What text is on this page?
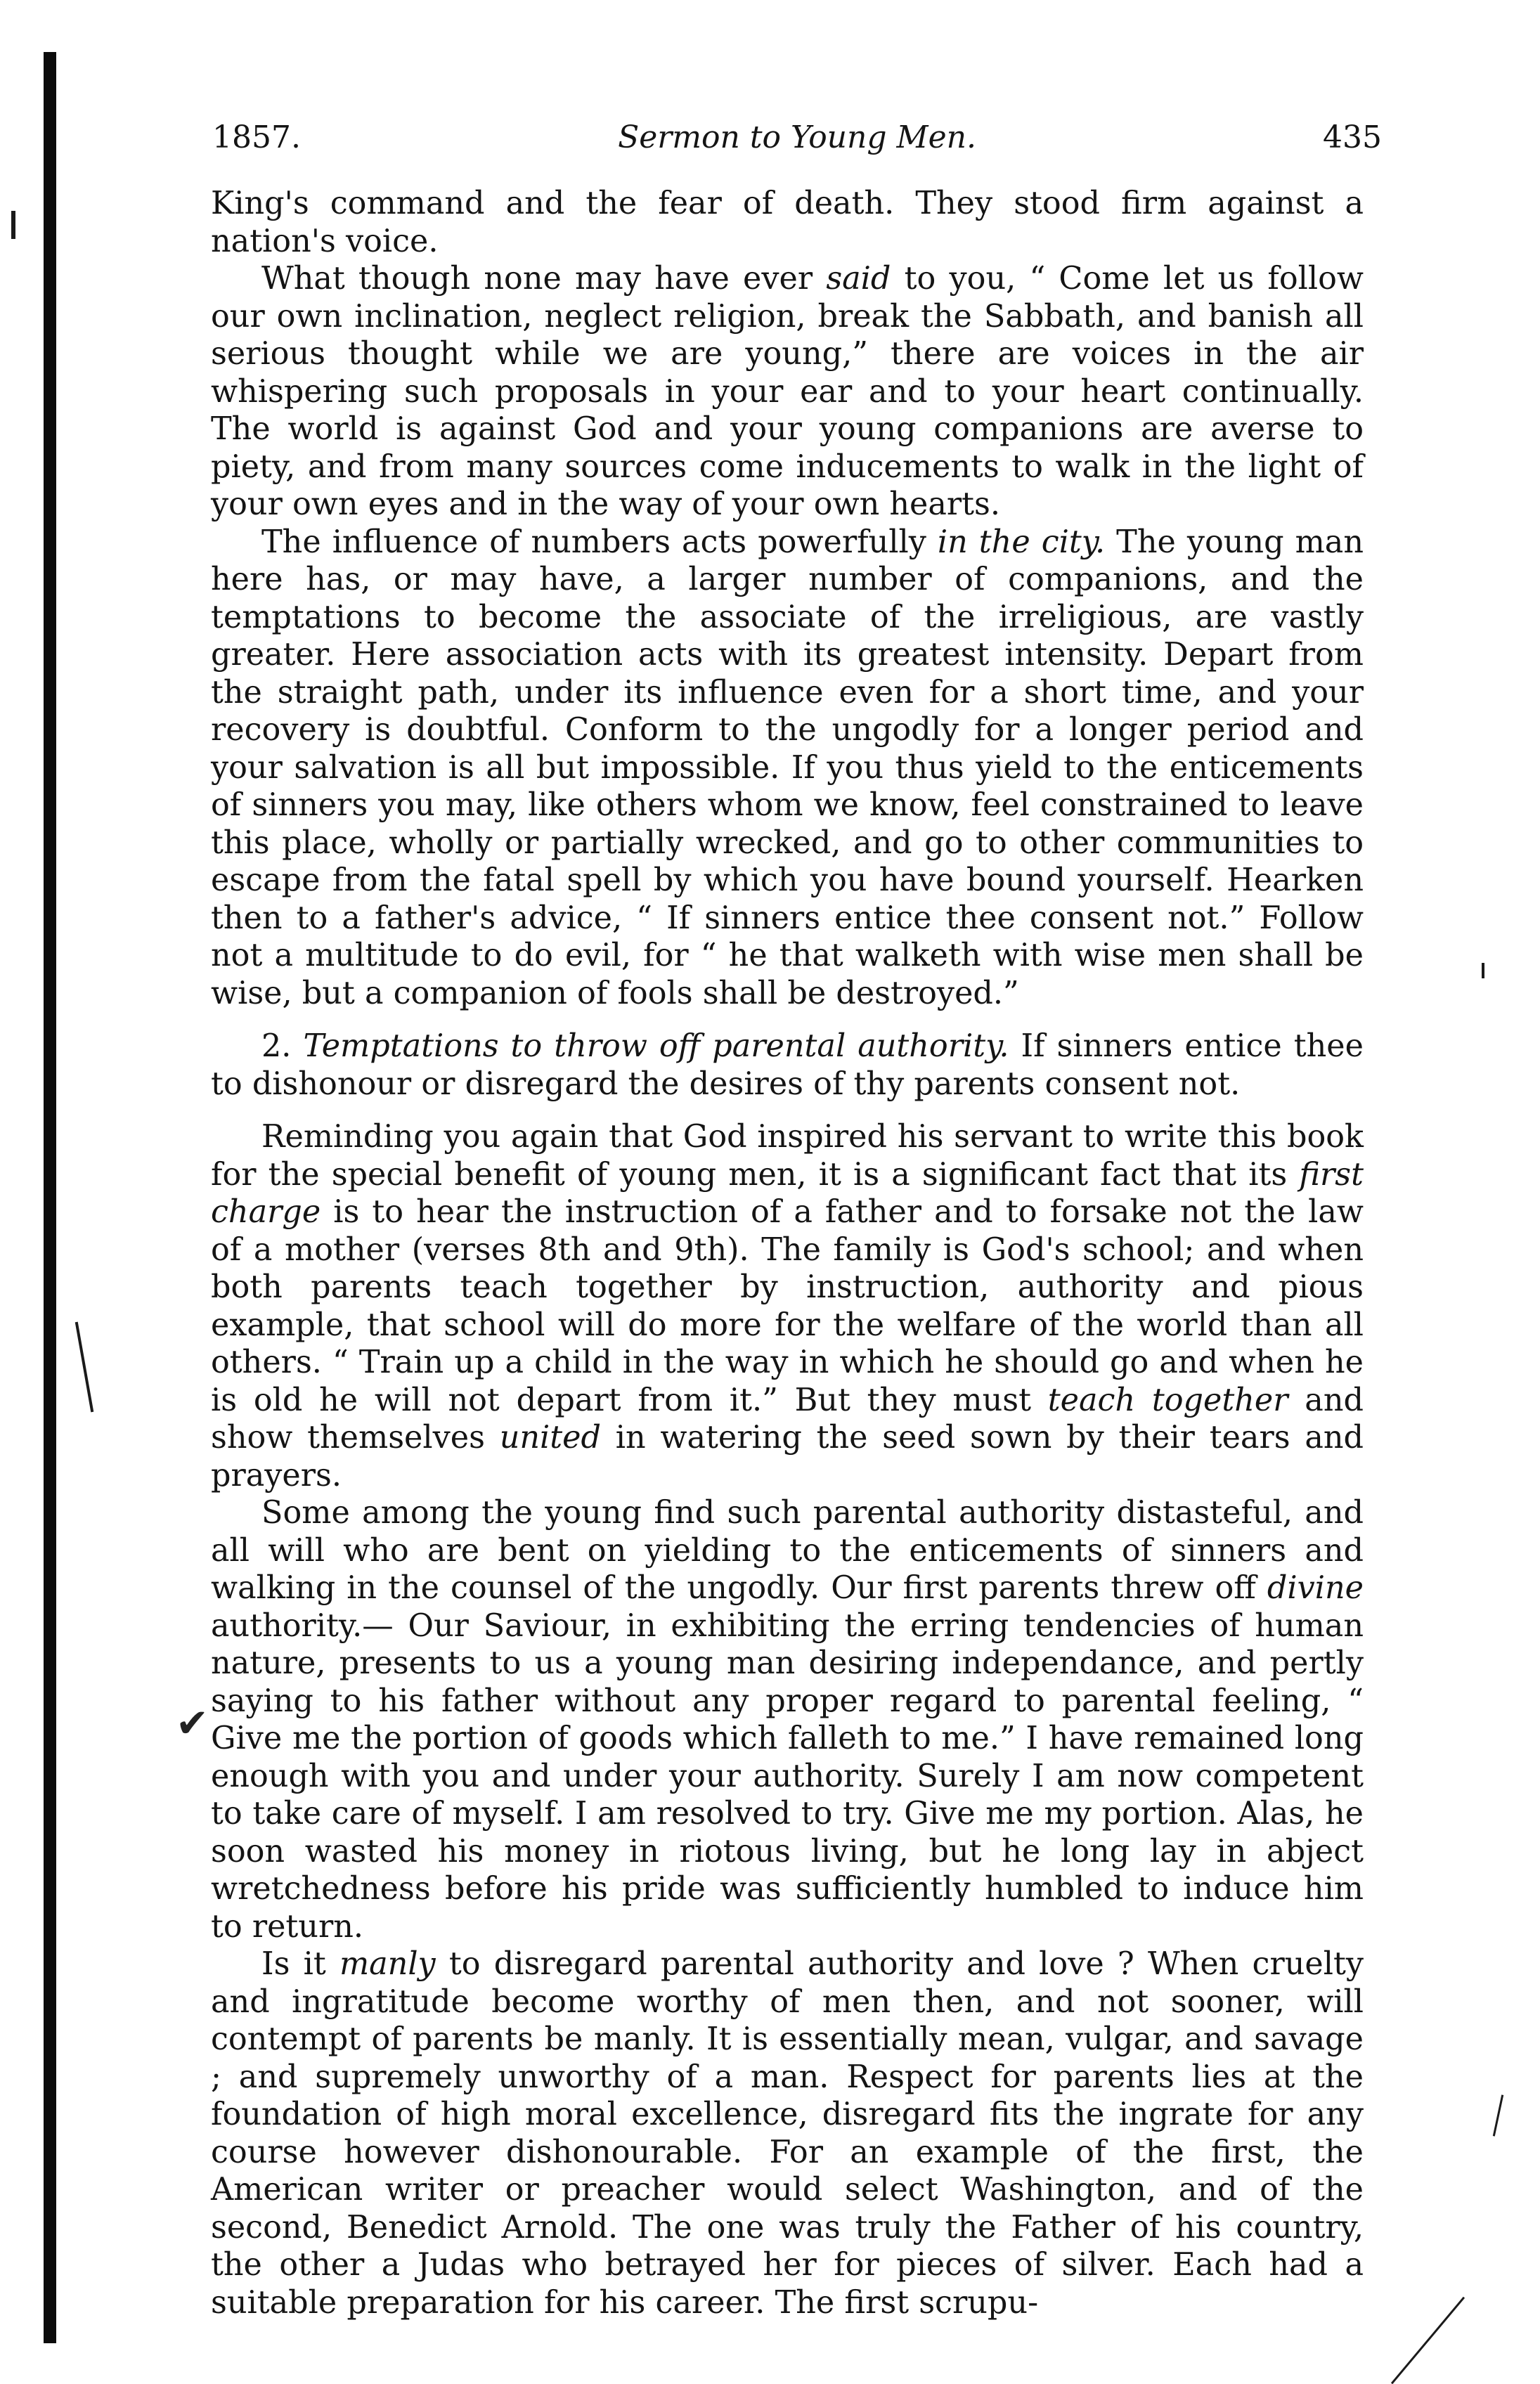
✔
1857.	Sermon to Young Men.	435

King's command and the fear of death. They stood firm against a nation's voice.

What though none may have ever said to you, “ Come let us follow our own inclination, neglect religion, break the Sabbath, and banish all serious thought while we are young,” there are voices in the air whispering such proposals in your ear and to your heart continually. The world is against God and your young companions are averse to piety, and from many sources come inducements to walk in the light of your own eyes and in the way of your own hearts.

The influence of numbers acts powerfully in the city. The young man here has, or may have, a larger number of companions, and the temptations to become the associate of the irreligious, are vastly greater. Here association acts with its greatest intensity. Depart from the straight path, under its influence even for a short time, and your recovery is doubtful. Conform to the ungodly for a longer period and your salvation is all but impossible. If you thus yield to the enticements of sinners you may, like others whom we know, feel constrained to leave this place, wholly or partially wrecked, and go to other communities to escape from the fatal spell by which you have bound yourself. Hearken then to a father's advice, “ If sinners entice thee consent not.” Follow not a multitude to do evil, for “ he that walketh with wise men shall be wise, but a companion of fools shall be destroyed.”

2. Temptations to throw off parental authority. If sinners entice thee to dishonour or disregard the desires of thy parents consent not.

Reminding you again that God inspired his servant to write this book for the special benefit of young men, it is a significant fact that its first charge is to hear the instruction of a father and to forsake not the law of a mother (verses 8th and 9th). The family is God's school; and when both parents teach together by instruction, authority and pious example, that school will do more for the welfare of the world than all others. “ Train up a child in the way in which he should go and when he is old he will not depart from it.” But they must teach together and show themselves united in watering the seed sown by their tears and prayers.

Some among the young find such parental authority distasteful, and all will who are bent on yielding to the enticements of sinners and walking in the counsel of the ungodly. Our first parents threw off divine authority.— Our Saviour, in exhibiting the erring tendencies of human nature, presents to us a young man desiring independance, and pertly saying to his father without any proper regard to parental feeling, “ Give me the portion of goods which falleth to me.” I have remained long enough with you and under your authority. Surely I am now competent to take care of myself. I am resolved to try. Give me my portion. Alas, he soon wasted his money in riotous living, but he long lay in abject wretchedness before his pride was sufficiently humbled to induce him to return.

Is it manly to disregard parental authority and love ? When cruelty and ingratitude become worthy of men then, and not sooner, will contempt of parents be manly. It is essentially mean, vulgar, and savage ; and supremely unworthy of a man. Respect for parents lies at the foundation of high moral excellence, disregard fits the ingrate for any course however dishonourable. For an example of the first, the American writer or preacher would select Washington, and of the second, Benedict Arnold. The one was truly the Father of his country, the other a Judas who betrayed her for pieces of silver. Each had a suitable preparation for his career. The first scrupu-
